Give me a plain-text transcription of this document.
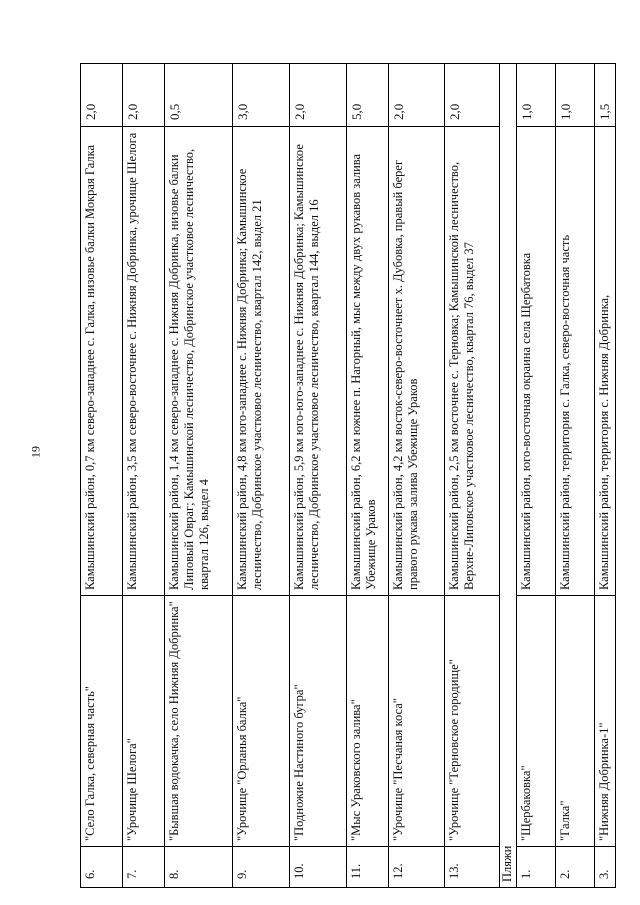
19
6.	"Село Галка, северная часть"	Камышинский район, 0,7 км северо-западнее с. Галка, низовье балки Мокрая Галка	2,0
7.	"Урочище Шелога"	Камышинский район, 3,5 км северо-восточнее с. Нижняя Добринка, урочище Шелога	2,0
8.	"Бывшая водокачка, село Нижняя Добринка"	Камышинский район, 1,4 км северо-западнее с. Нижняя Добринка, низовье балки Липовый Овраг; Камышинской лесничество, Добринское участковое лесничество, квартал 126, выдел 4	0,5
9.	"Урочище "Орланья балка"	Камышинский район, 4,8 км юго-западнее с. Нижняя Добринка; Камышинское лесничество, Добринское участковое лесничество, квартал 142, выдел 21	3,0
10.	"Подножие Настиного бугра"	Камышинский район, 5,9 км юго-юго-западнее с. Нижняя Добринка; Камышинское лесничество, Добринское участковое лесничество, квартал 144, выдел 16	2,0
11.	"Мыс Ураковского залива"	Камышинский район, 6,2 км южнее п. Нагорный, мыс между двух рукавов залива Убежище Ураков	5,0
12.	"Урочище "Песчаная коса"	Камышинский район, 4,2 км восток-северо-восточнеет х. Дубовка, правый берег правого рукава залива Убежище Ураков	2,0
13.	"Урочище "Терновское городище"	Камышинский район, 2,5 км восточнее с. Терновка; Камышинской лесничество, Верхне-Липовское участковое лесничество, квартал 76, выдел 37	2,0
Пляжи			
1.	"Щербаковка"	Камышинский район, юго-восточная окраина села Щербатовка	1,0
2.	"Галка"	Камышинский район, территория с. Галка, северо-восточная часть	1,0
3.	"Нижняя Добринка-1"	Камышинский район, территория с. Нижняя Добринка,	1,5
